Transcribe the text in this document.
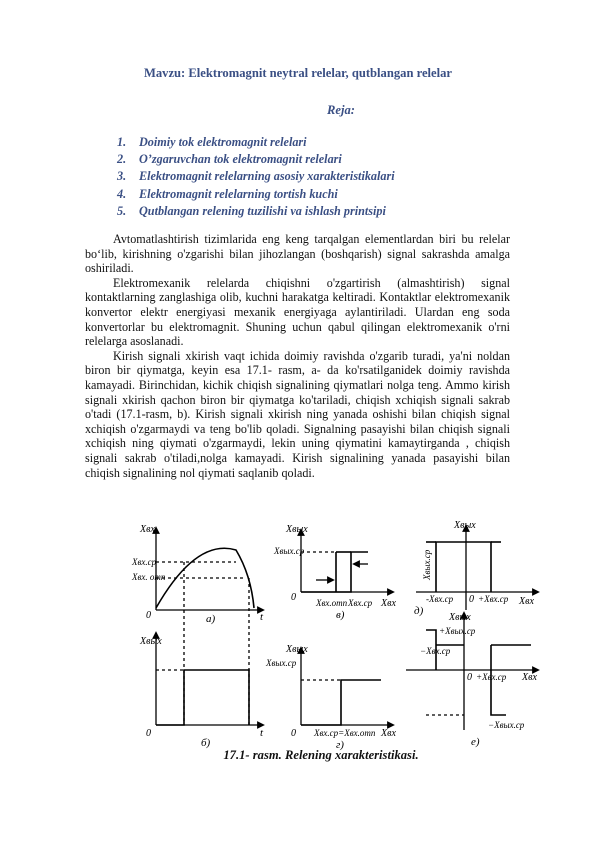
Mavzu: Elektromagnit neytral relelar, qutblangan relelar
Reja:
1. Doimiy tok elektromagnit relelari
2. O’zgaruvchan tok elektromagnit relelari
3. Elektromagnit relelarning asosiy xarakteristikalari
4. Elektromagnit relelarning tortish kuchi
5. Qutblangan relening tuzilishi va ishlash printsipi

Avtomatlashtirish tizimlarida eng keng tarqalgan elementlardan biri bu relelar bo‘lib, kirishning o'zgarishi bilan jihozlangan (boshqarish) signal sakrashda amalga oshiriladi.

Elektromexanik relelarda chiqishni o'zgartirish (almashtirish) signal kontaktlarning zanglashiga olib, kuchni harakatga keltiradi. Kontaktlar elektromexanik konvertor elektr energiyasi mexanik energiyaga aylantiriladi. Ulardan eng soda konvertorlar bu elektromagnit. Shuning uchun qabul qilingan elektromexanik o'rni relelarga asoslanadi.

Kirish signali xkirish vaqt ichida doimiy ravishda o'zgarib turadi, ya'ni noldan biron bir qiymatga, keyin esa 17.1- rasm, a- da ko'rsatilganidek doimiy ravishda kamayadi. Birinchidan, kichik chiqish signalining qiymatlari nolga teng. Ammo kirish signali xkirish qachon biron bir qiymatga ko'tariladi, chiqish xchiqish signali sakrab o'tadi (17.1-rasm, b). Kirish signali xkirish ning yanada oshishi bilan chiqish signal xchiqish o'zgarmaydi va teng bo'lib qoladi. Signalning pasayishi bilan chiqish signali xchiqish ning qiymati o'zgarmaydi, lekin uning qiymatini kamaytirganda , chiqish signali sakrab o'tiladi,nolga kamayadi. Kirish signalining yanada pasayishi bilan chiqish signalining nol qiymati saqlanib qoladi.

Xвх
Xвх.ср
Xвх. отп
0	t
а)
Xвых
0	t
б)
Xвых
Xвых.ср
0 Xвх.отп Xвх.ср Xвх
в)
Xвых
Xвых.ср
0 Xвх.ср=Xвх.отп Xвх
г)
Xвых
Xвых.ср
-Xвх.ср 0 +Xвх.ср Xвх
д)
Xвых
+Xвых.ср
−Xвх.ср
0 +Xвх.ср Xвх
−Xвых.ср
е)
17.1- rasm. Relening xarakteristikasi.
